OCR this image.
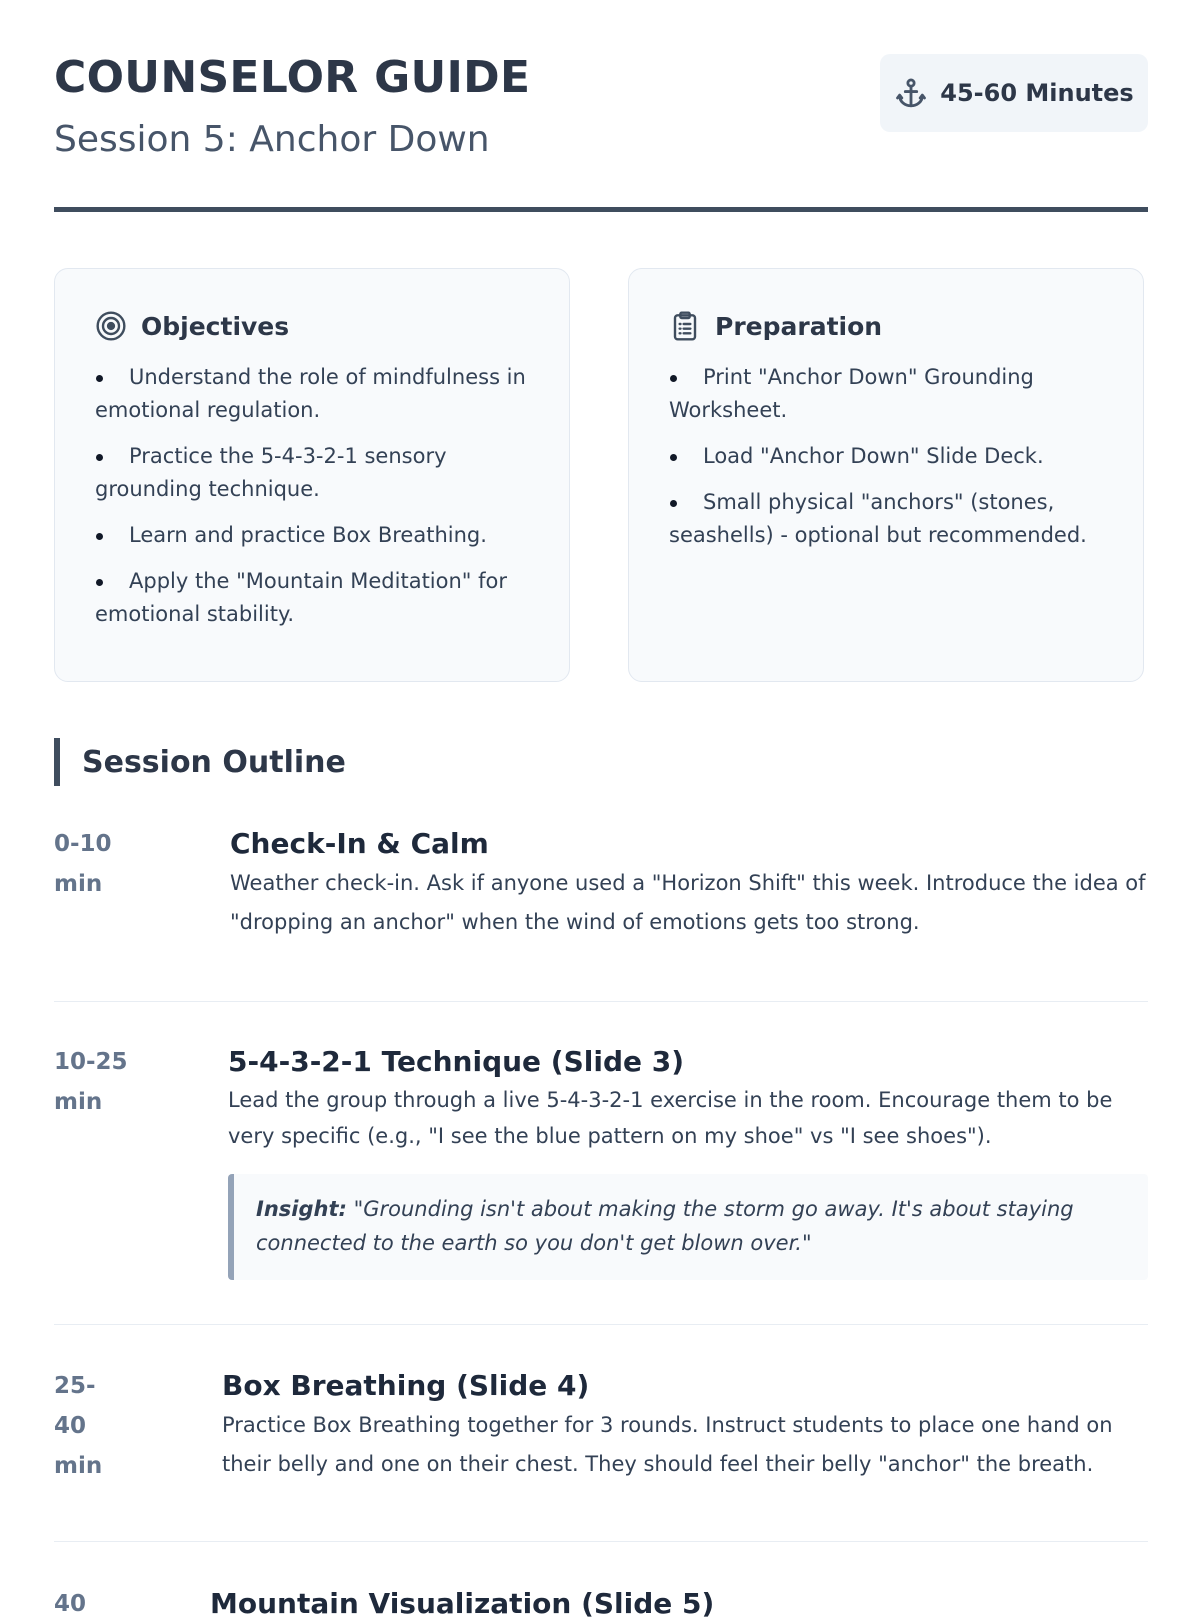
COUNSELOR GUIDE
Session 5: Anchor Down
45-60 Minutes
Objectives
Understand the role of mindfulness in emotional regulation.
Practice the 5-4-3-2-1 sensory grounding technique.
Learn and practice Box Breathing.
Apply the "Mountain Meditation" for emotional stability.
Preparation
Print "Anchor Down" Grounding Worksheet.
Load "Anchor Down" Slide Deck.
Small physical "anchors" (stones, seashells) - optional but recommended.
Session Outline
0-10 min
Check-In & Calm

Weather check-in. Ask if anyone used a "Horizon Shift" this week. Introduce the idea of "dropping an anchor" when the wind of emotions gets too strong.

10-25 min
5-4-3-2-1 Technique (Slide 3)

Lead the group through a live 5-4-3-2-1 exercise in the room. Encourage them to be very specific (e.g., "I see the blue pattern on my shoe" vs "I see shoes").

Insight: "Grounding isn't about making the storm go away. It's about staying connected to the earth so you don't get blown over."
25-40 min
Box Breathing (Slide 4)

Practice Box Breathing together for 3 rounds. Instruct students to place one hand on their belly and one on their chest. They should feel their belly "anchor" the breath.

40	Mountain Visualization (Slide 5)
